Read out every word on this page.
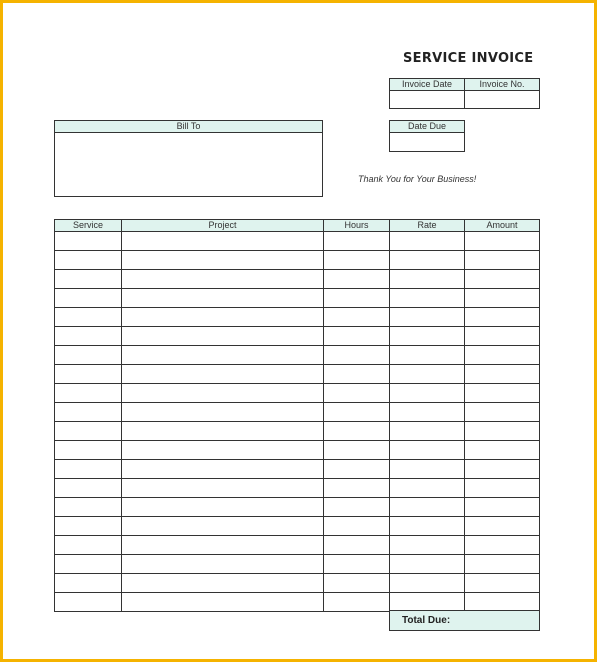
SERVICE INVOICE
Invoice Date	Invoice No.
Bill To	Date Due
Thank You for Your Business!
Service	Project	Hours	Rate	Amount

Total Due:
